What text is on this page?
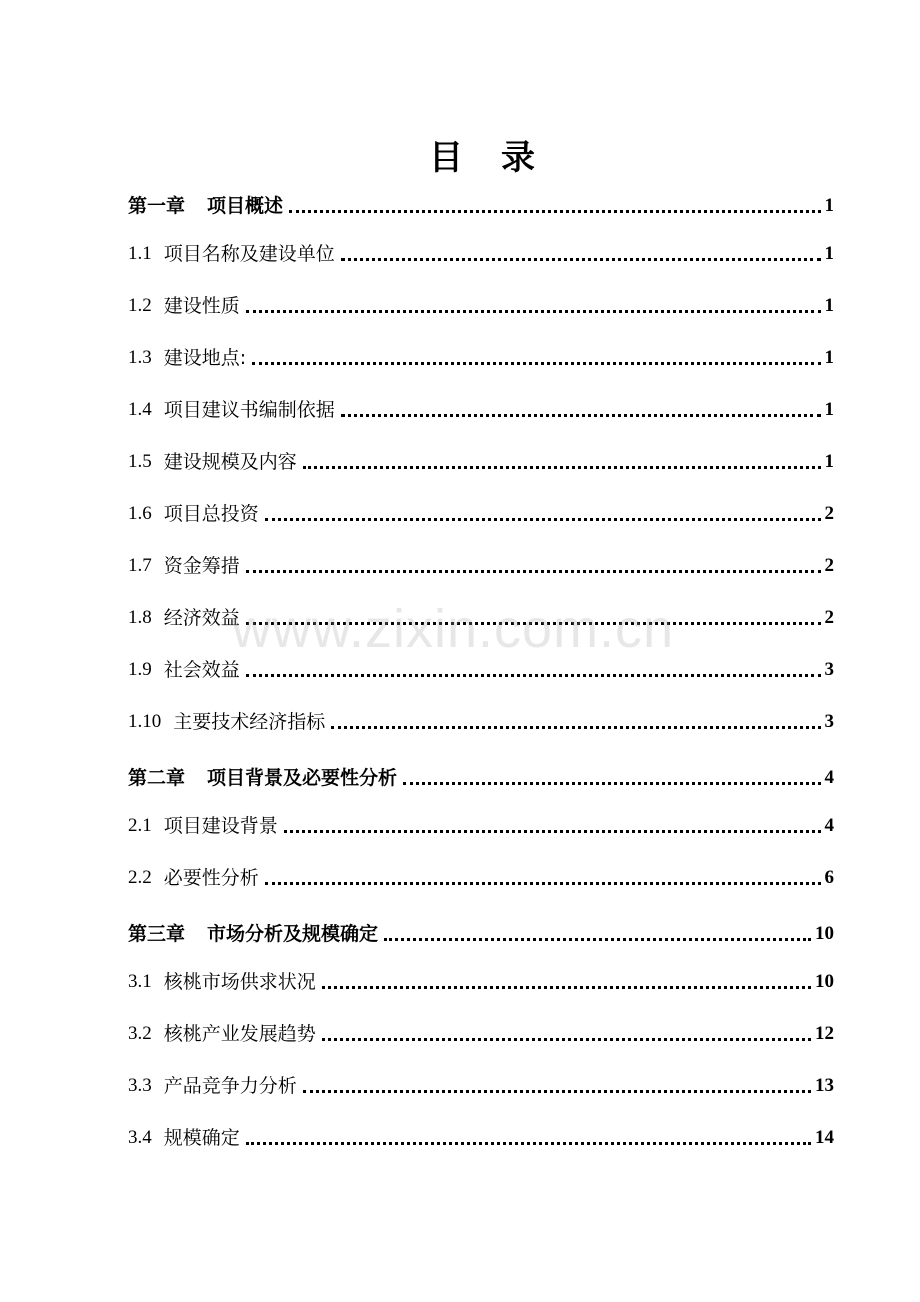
目 录
第一章	项目概述	1
1.1 项目名称及建设单位	1
1.2 建设性质	1
1.3 建设地点:	1
1.4 项目建议书编制依据	1
1.5 建设规模及内容	1
1.6 项目总投资	2
1.7 资金筹措	2
1.8 经济效益	2
1.9 社会效益	3
1.10 主要技术经济指标	3
第二章	项目背景及必要性分析	4
2.1 项目建设背景	4
2.2 必要性分析	6
第三章	市场分析及规模确定	10
3.1 核桃市场供求状况	10
3.2 核桃产业发展趋势	12
3.3 产品竞争力分析	13
3.4 规模确定	14
www.zixin.com.cn
